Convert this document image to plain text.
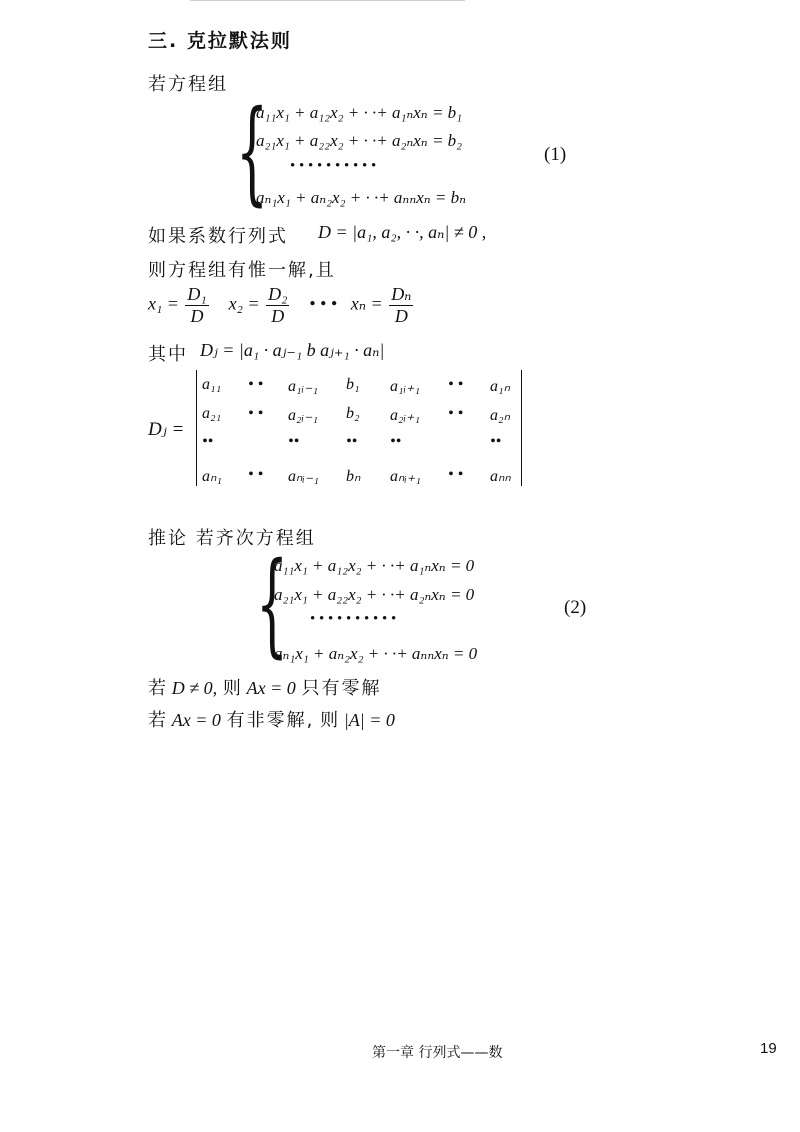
三. 克拉默法则
若方程组
{
a₁₁x₁ + a₁₂x₂ + · ·+ a₁ₙxₙ = b₁
a₂₁x₁ + a₂₂x₂ + · ·+ a₂ₙxₙ = b₂
• • • • • • • • • •
aₙ₁x₁ + aₙ₂x₂ + · ·+ aₙₙxₙ = bₙ
(1)
如果系数行列式 D = |a₁, a₂, · ·, aₙ| ≠ 0 ,
则方程组有惟一解,且
$x_1 = \frac{\text{D₁}}{D} x_2 = \frac{\text{D₂}}{D}$ • • • $x_n = \frac{\text{Dₙ}}{D}$
其中 Dⱼ = |a₁ · aⱼ₋₁ b aⱼ₊₁ · aₙ|
Dⱼ =
a₁₁ • • a₁ᵢ₋₁ b₁ a₁ᵢ₊₁ • • a₁ₙ
a₂₁ • • a₂ᵢ₋₁ b₂ a₂ᵢ₊₁ • • a₂ₙ
••	••	•• ••	••
aₙ₁ • • aₙᵢ₋₁ bₙ aₙᵢ₊₁ • • aₙₙ
推论 若齐次方程组
{
a₁₁x₁ + a₁₂x₂ + · ·+ a₁ₙxₙ = 0
a₂₁x₁ + a₂₂x₂ + · ·+ a₂ₙxₙ = 0
• • • • • • • • • •
aₙ₁x₁ + aₙ₂x₂ + · ·+ aₙₙxₙ = 0
(2)
若 D ≠ 0, 则 Ax = 0 只有零解
若 Ax = 0 有非零解, 则 |A| = 0
第一章 行列式——数	19
